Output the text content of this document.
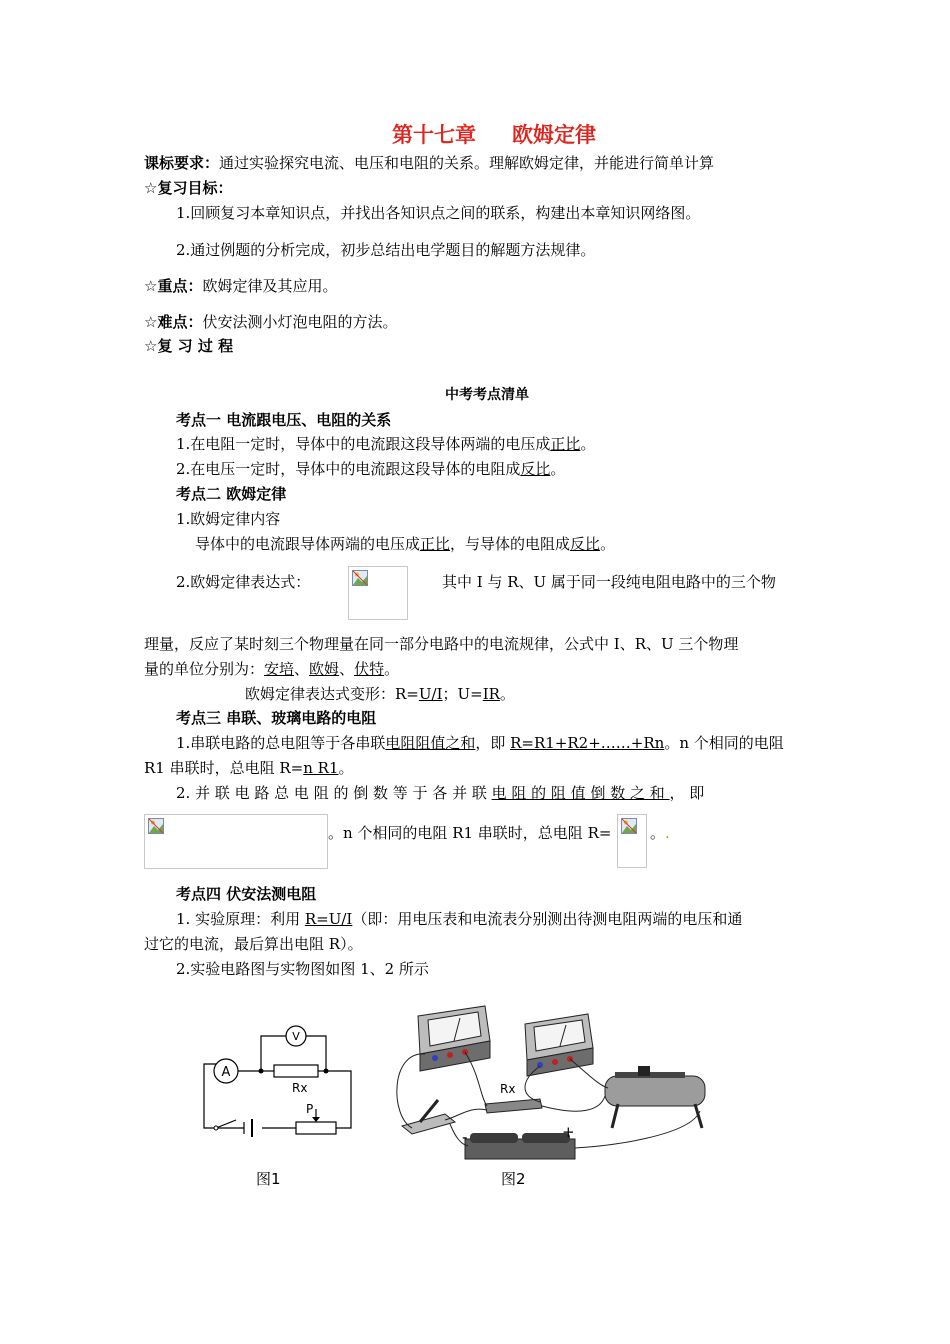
第十七章 欧姆定律
课标要求：通过实验探究电流、电压和电阻的关系。理解欧姆定律，并能进行简单计算
☆复习目标：
1.回顾复习本章知识点，并找出各知识点之间的联系，构建出本章知识网络图。
2.通过例题的分析完成，初步总结出电学题目的解题方法规律。
☆重点：欧姆定律及其应用。
☆难点：伏安法测小灯泡电阻的方法。
☆复 习 过 程
中考考点清单
考点一 电流跟电压、电阻的关系
1.在电阻一定时，导体中的电流跟这段导体两端的电压成正比。
2.在电压一定时，导体中的电流跟这段导体的电阻成反比。
考点二 欧姆定律
1.欧姆定律内容
导体中的电流跟导体两端的电压成正比，与导体的电阻成反比。
2.欧姆定律表达式：	其中 I 与 R、U 属于同一段纯电阻电路中的三个物
理量，反应了某时刻三个物理量在同一部分电路中的电流规律，公式中 I、R、U 三个物理
量的单位分别为：安培、欧姆、伏特。
欧姆定律表达式变形：R=U/I；U=IR。
考点三 串联、玻璃电路的电阻
1.串联电路的总电阻等于各串联电阻阻值之和，即 R=R1+R2+……+Rn。n 个相同的电阻
R1 串联时，总电阻 R=n R1。
2. 并 联 电 路 总 电 阻 的 倒 数 等 于 各 并 联 电 阻 的 阻 值 倒 数 之 和 ， 即
。n 个相同的电阻 R1 串联时，总电阻 R=	。.
考点四 伏安法测电阻
1. 实验原理：利用 R=U/I（即：用电压表和电流表分别测出待测电阻两端的电压和通
过它的电流，最后算出电阻 R）。
2.实验电路图与实物图如图 1、2 所示
A
V
Rx
P
图1
Rx
-	+
图2
